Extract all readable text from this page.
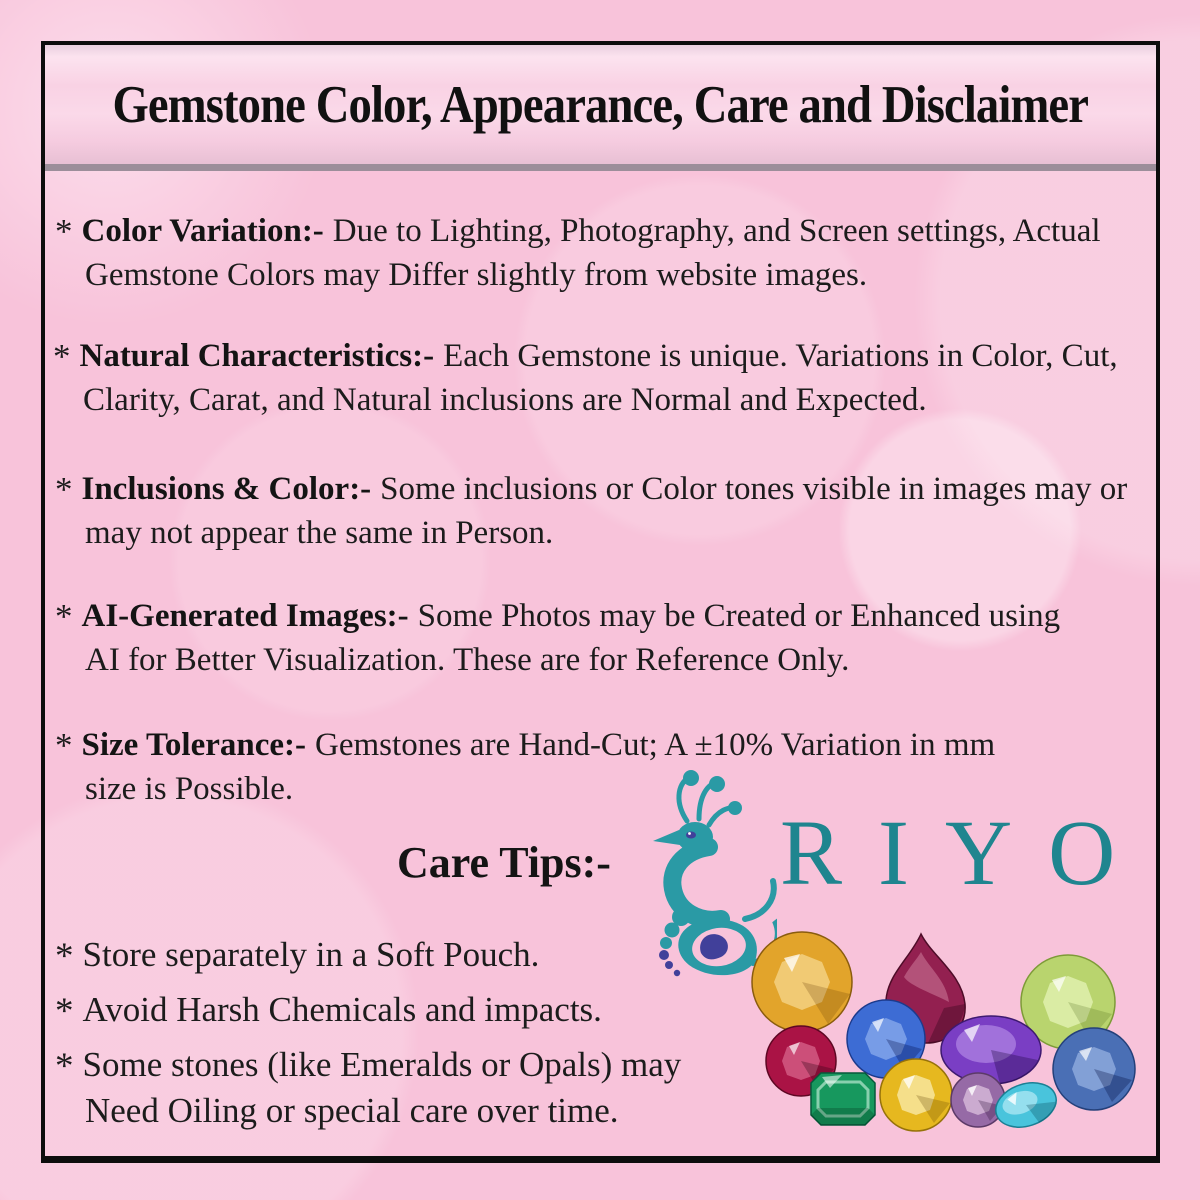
Gemstone Color, Appearance, Care and Disclaimer
* Color Variation:- Due to Lighting, Photography, and Screen settings, Actual Gemstone Colors may Differ slightly from website images.
* Natural Characteristics:- Each Gemstone is unique. Variations in Color, Cut, Clarity, Carat, and Natural inclusions are Normal and Expected.
* Inclusions & Color:- Some inclusions or Color tones visible in images may or may not appear the same in Person.
* AI-Generated Images:- Some Photos may be Created or Enhanced using AI for Better Visualization. These are for Reference Only.
* Size Tolerance:- Gemstones are Hand-Cut; A ±10% Variation in mm size is Possible.
Care Tips:- RIYO
* Store separately in a Soft Pouch.
* Avoid Harsh Chemicals and impacts.
* Some stones (like Emeralds or Opals) may Need Oiling or special care over time.
